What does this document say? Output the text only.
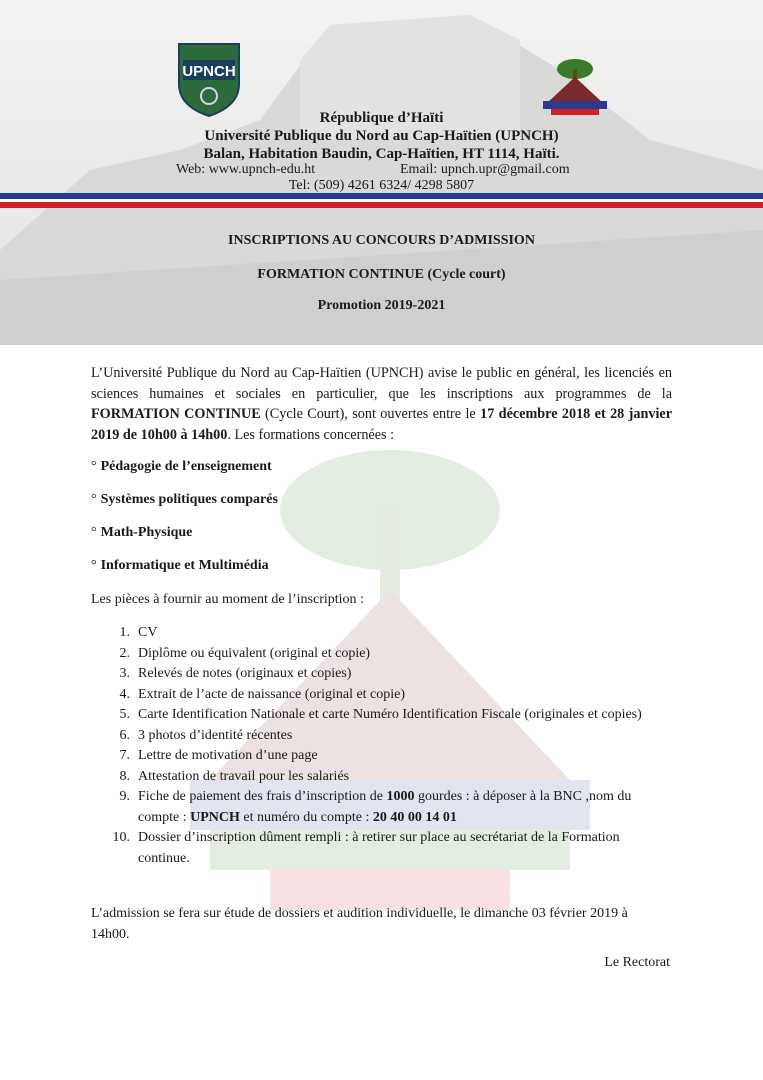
UPNCH
République d’Haïti
Université Publique du Nord au Cap-Haïtien (UPNCH)
Balan, Habitation Baudin, Cap-Haïtien, HT 1114, Haïti.
Web: www.upnch-edu.ht	Email: upnch.upr@gmail.com
Tel: (509) 4261 6324/ 4298 5807
INSCRIPTIONS AU CONCOURS D’ADMISSION
FORMATION CONTINUE (Cycle court)
Promotion 2019-2021
L’Université Publique du Nord au Cap-Haïtien (UPNCH) avise le public en général, les licenciés en sciences humaines et sociales en particulier, que les inscriptions aux programmes de la FORMATION CONTINUE (Cycle Court), sont ouvertes entre le 17 décembre 2018 et 28 janvier 2019 de 10h00 à 14h00. Les formations concernées :
° Pédagogie de l’enseignement
° Systèmes politiques comparés
° Math-Physique
° Informatique et Multimédia
Les pièces à fournir au moment de l’inscription :
1. CV
2. Diplôme ou équivalent (original et copie)
3. Relevés de notes (originaux et copies)
4. Extrait de l’acte de naissance (original et copie)
5. Carte Identification Nationale et carte Numéro Identification Fiscale (originales et copies)
6. 3 photos d’identité récentes
7. Lettre de motivation d’une page
8. Attestation de travail pour les salariés
9. Fiche de paiement des frais d’inscription de 1000 gourdes : à déposer à la BNC ,nom du compte : UPNCH et numéro du compte : 20 40 00 14 01
10. Dossier d’inscription dûment rempli : à retirer sur place au secrétariat de la Formation continue.
L’admission se fera sur étude de dossiers et audition individuelle, le dimanche 03 février 2019 à 14h00.
Le Rectorat
